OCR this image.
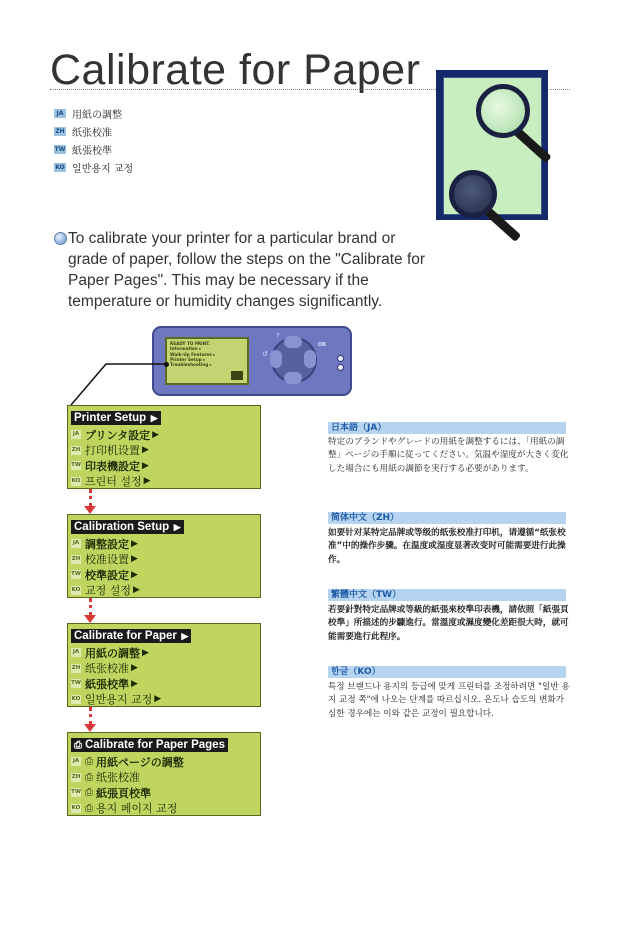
Calibrate for Paper
JA 用紙の調整
ZH 纸张校准
TW 紙張校準
KO 일반용지 교정
To calibrate your printer for a particular brand or grade of paper, follow the steps on the "Calibrate for Paper Pages". This may be necessary if the temperature or humidity changes significantly.
READY TO PRINT.
Information ▸
Walk-Up Features ▸
Printer Setup ▸
Troubleshooting ▸
OK
↺
?
Printer Setup ▶
JA プリンタ設定 ▶
ZH 打印机设置 ▶
TW 印表機設定 ▶
KO 프린터 설정 ▶
Calibration Setup ▶
JA 調整設定 ▶
ZH 校准设置 ▶
TW 校準設定 ▶
KO 교정 설정 ▶
Calibrate for Paper ▶
JA 用紙の調整 ▶
ZH 纸张校准 ▶
TW 紙張校準 ▶
KO 일반용지 교정 ▶
⎙ Calibrate for Paper Pages
JA ⎙ 用紙ページの調整
ZH ⎙ 纸张校准
TW ⎙ 紙張頁校準
KO ⎙ 용지 페이지 교정
日本語（JA）
特定のブランドやグレードの用紙を調整するには、「用紙の調整」ページの手順に従ってください。気温や湿度が大きく変化した場合にも用紙の調節を実行する必要があります。
简体中文（ZH）
如要针对某特定品牌或等级的纸张校准打印机，请遵循“纸张校准”中的操作步骤。在温度或湿度显著改变时可能需要进行此操作。
繁體中文（TW）
若要針對特定品牌或等級的紙張來校準印表機，請依照「紙張頁校準」所描述的步驟進行。當溫度或濕度變化差距很大時，就可能需要進行此程序。
한글（KO）
특정 브랜드나 용지의 등급에 맞게 프린터를 조정하려면 "일반 용지 교정 쪽"에 나오는 단계를 따르십시오. 온도나 습도의 변화가 심한 경우에는 이와 같은 교정이 필요합니다.
